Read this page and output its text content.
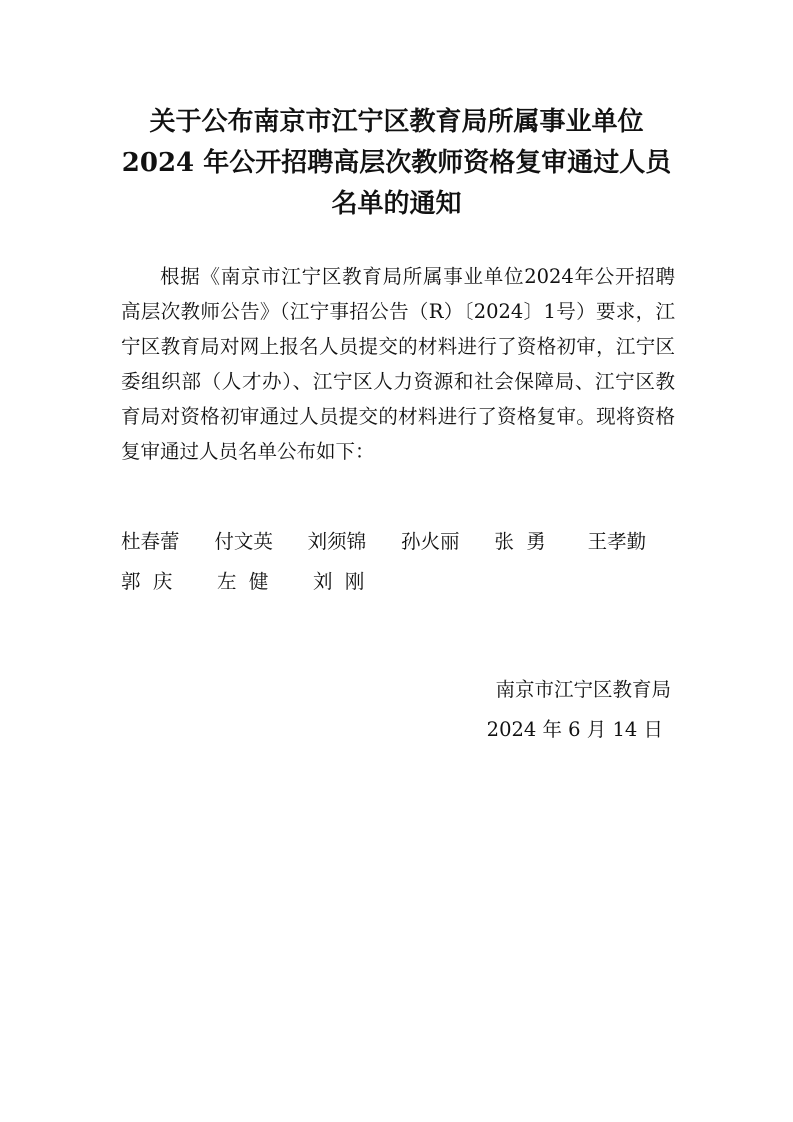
关于公布南京市江宁区教育局所属事业单位
2024 年公开招聘高层次教师资格复审通过人员
名单的通知

根据《南京市江宁区教育局所属事业单位2024年公开招聘高层次教师公告》（江宁事招公告（R）〔2024〕1号）要求，江宁区教育局对网上报名人员提交的材料进行了资格初审，江宁区委组织部（人才办）、江宁区人力资源和社会保障局、江宁区教育局对资格初审通过人员提交的材料进行了资格复审。现将资格复审通过人员名单公布如下：

杜春蕾	付文英	刘须锦	孙火丽	张  勇	王孝勤
郭  庆	左  健	刘  刚
南京市江宁区教育局
2024 年 6 月 14 日
